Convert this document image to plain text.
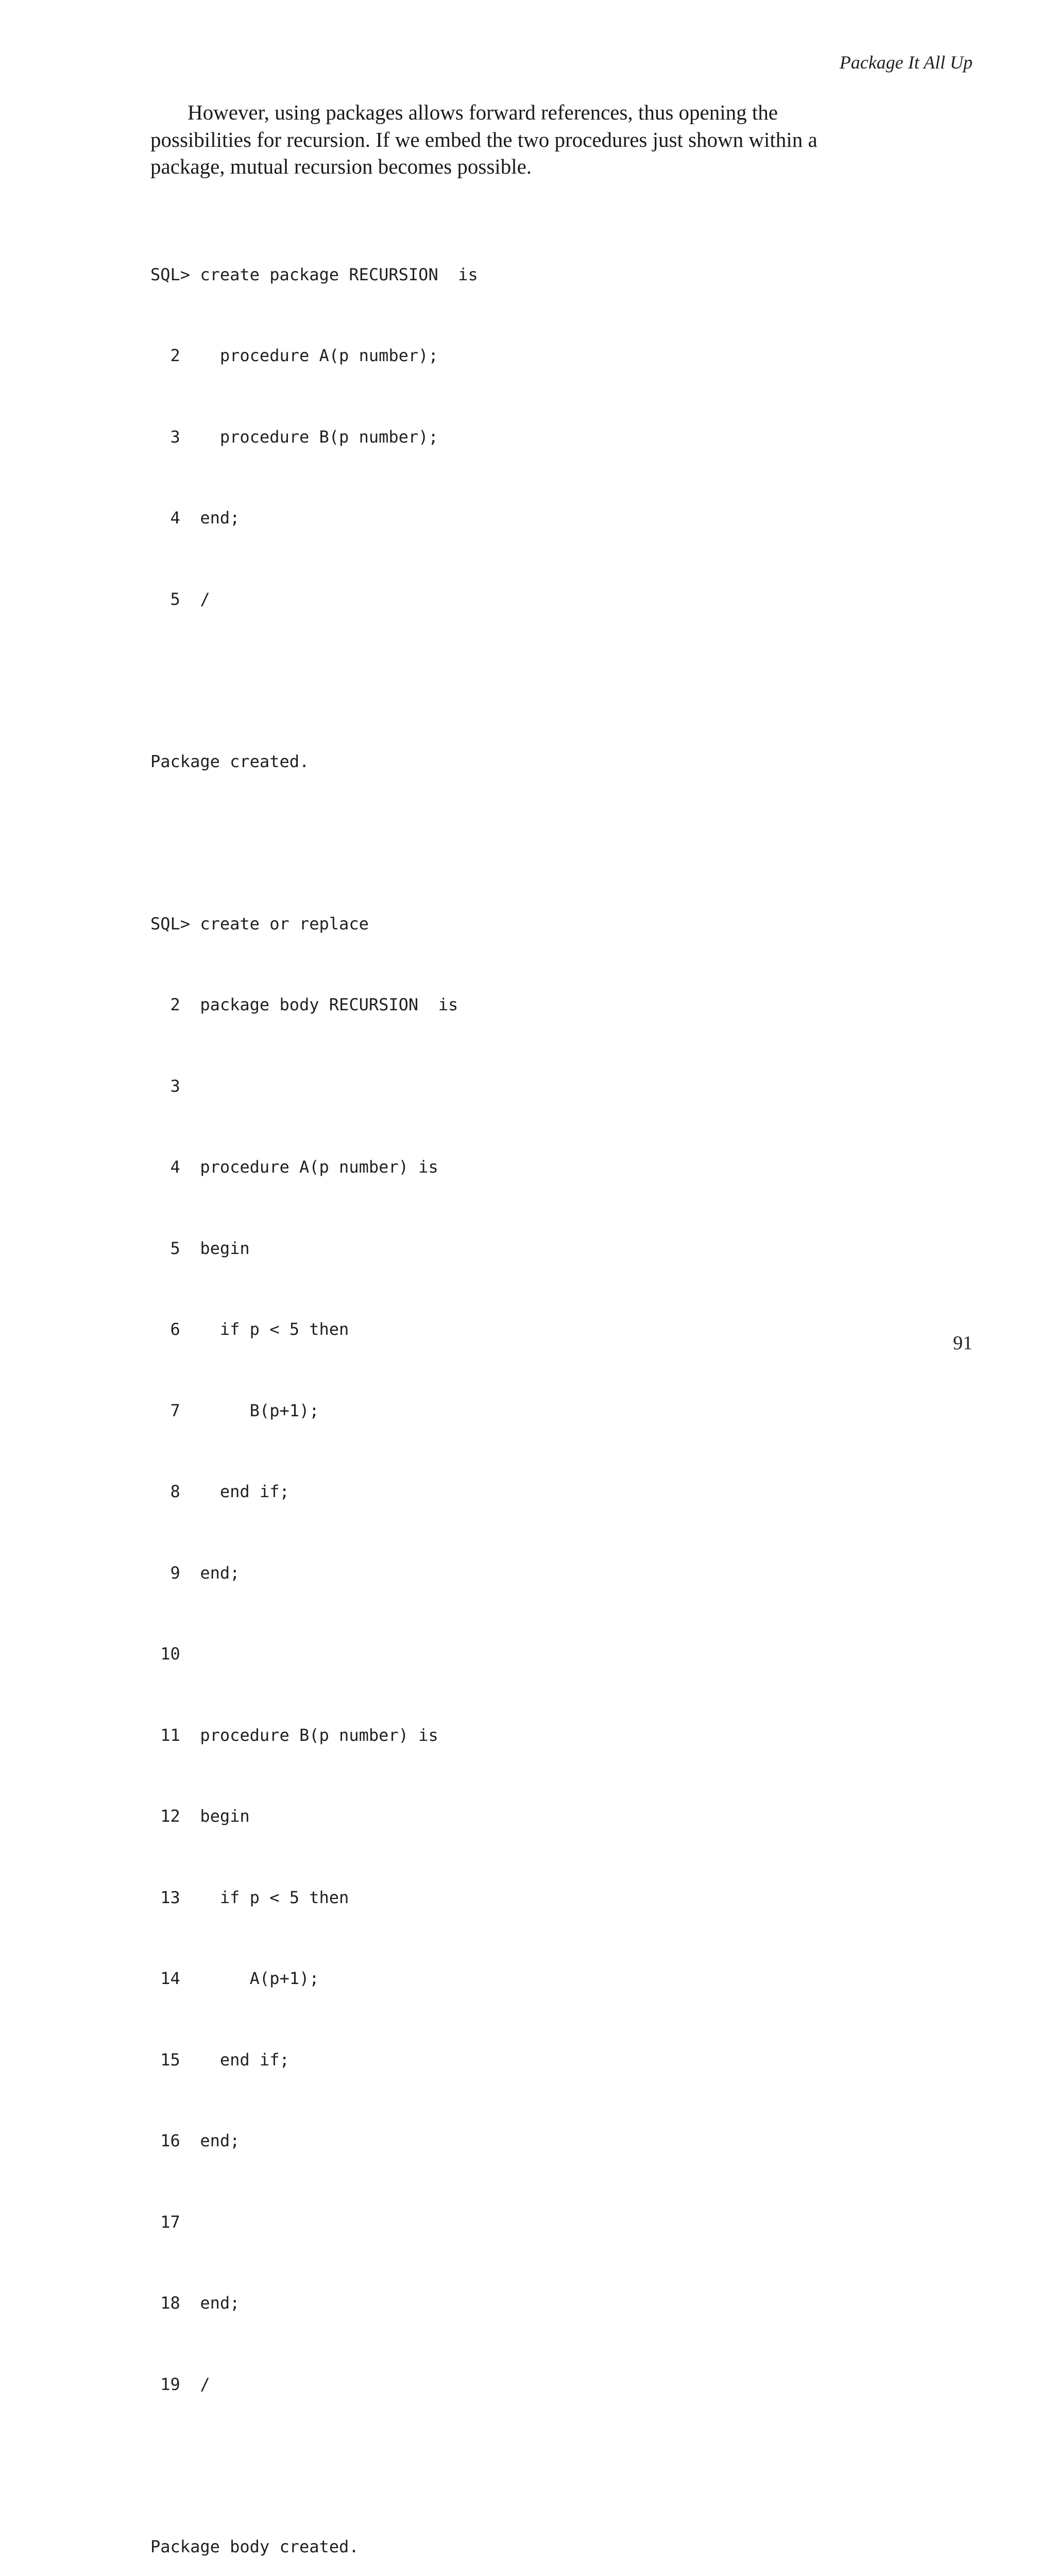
Package It All Up

However, using packages allows forward references, thus opening the possibilities for recursion. If we embed the two procedures just shown within a package, mutual recursion becomes possible.

SQL> create package RECURSION  is

2    procedure A(p number);

3    procedure B(p number);

4  end;

5  /

Package created.

SQL> create or replace

2  package body RECURSION  is

3

4  procedure A(p number) is

5  begin

6    if p < 5 then

7       B(p+1);

8    end if;

9  end;

10

11  procedure B(p number) is

12  begin

13    if p < 5 then

14       A(p+1);

15    end if;

16  end;

17

18  end;

19  /

Package body created.

91
